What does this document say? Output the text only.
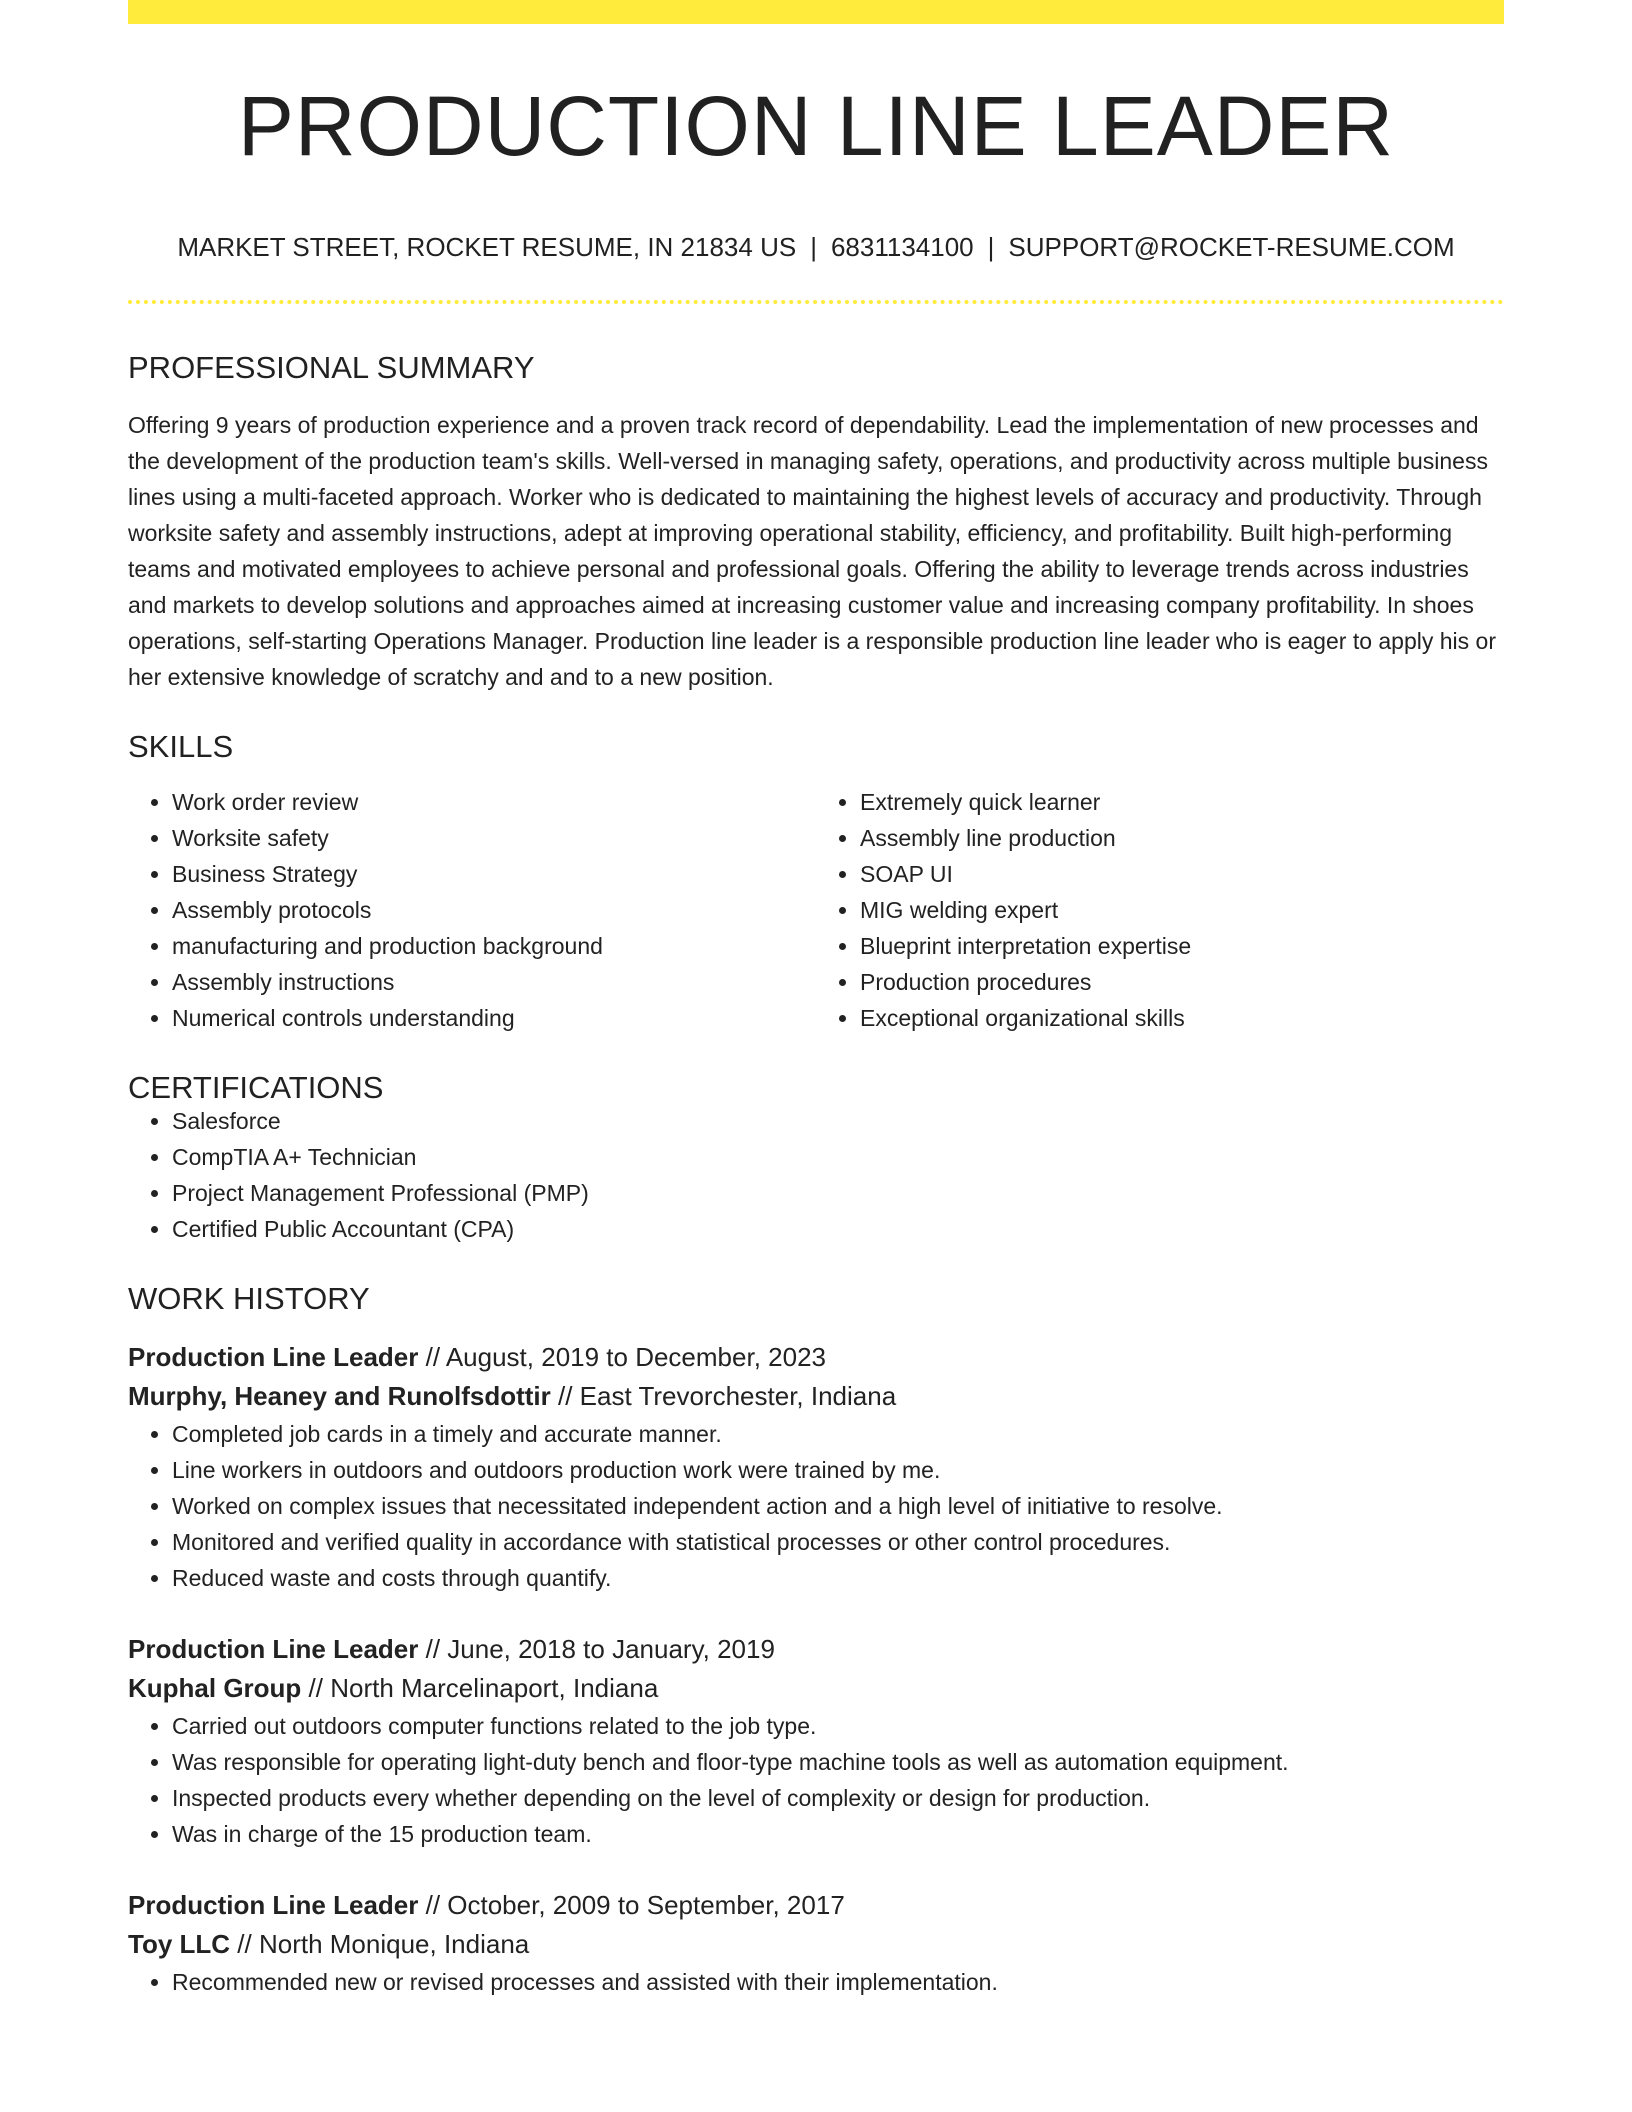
PRODUCTION LINE LEADER
MARKET STREET, ROCKET RESUME, IN 21834 US | 6831134100 | SUPPORT@ROCKET-RESUME.COM
PROFESSIONAL SUMMARY

Offering 9 years of production experience and a proven track record of dependability. Lead the implementation of new processes and the development of the production team's skills. Well-versed in managing safety, operations, and productivity across multiple business lines using a multi-faceted approach. Worker who is dedicated to maintaining the highest levels of accuracy and productivity. Through worksite safety and assembly instructions, adept at improving operational stability, efficiency, and profitability. Built high-performing teams and motivated employees to achieve personal and professional goals. Offering the ability to leverage trends across industries and markets to develop solutions and approaches aimed at increasing customer value and increasing company profitability. In shoes operations, self-starting Operations Manager. Production line leader is a responsible production line leader who is eager to apply his or her extensive knowledge of scratchy and and to a new position.

SKILLS
• Work order review
• Worksite safety
• Business Strategy
• Assembly protocols
• manufacturing and production background
• Assembly instructions
• Numerical controls understanding
• Extremely quick learner
• Assembly line production
• SOAP UI
• MIG welding expert
• Blueprint interpretation expertise
• Production procedures
• Exceptional organizational skills
CERTIFICATIONS
• Salesforce
• CompTIA A+ Technician
• Project Management Professional (PMP)
• Certified Public Accountant (CPA)
WORK HISTORY
Production Line Leader // August, 2019 to December, 2023
Murphy, Heaney and Runolfsdottir // East Trevorchester, Indiana
• Completed job cards in a timely and accurate manner.
• Line workers in outdoors and outdoors production work were trained by me.
• Worked on complex issues that necessitated independent action and a high level of initiative to resolve.
• Monitored and verified quality in accordance with statistical processes or other control procedures.
• Reduced waste and costs through quantify.
Production Line Leader // June, 2018 to January, 2019
Kuphal Group // North Marcelinaport, Indiana
• Carried out outdoors computer functions related to the job type.
• Was responsible for operating light-duty bench and floor-type machine tools as well as automation equipment.
• Inspected products every whether depending on the level of complexity or design for production.
• Was in charge of the 15 production team.
Production Line Leader // October, 2009 to September, 2017
Toy LLC // North Monique, Indiana
• Recommended new or revised processes and assisted with their implementation.
